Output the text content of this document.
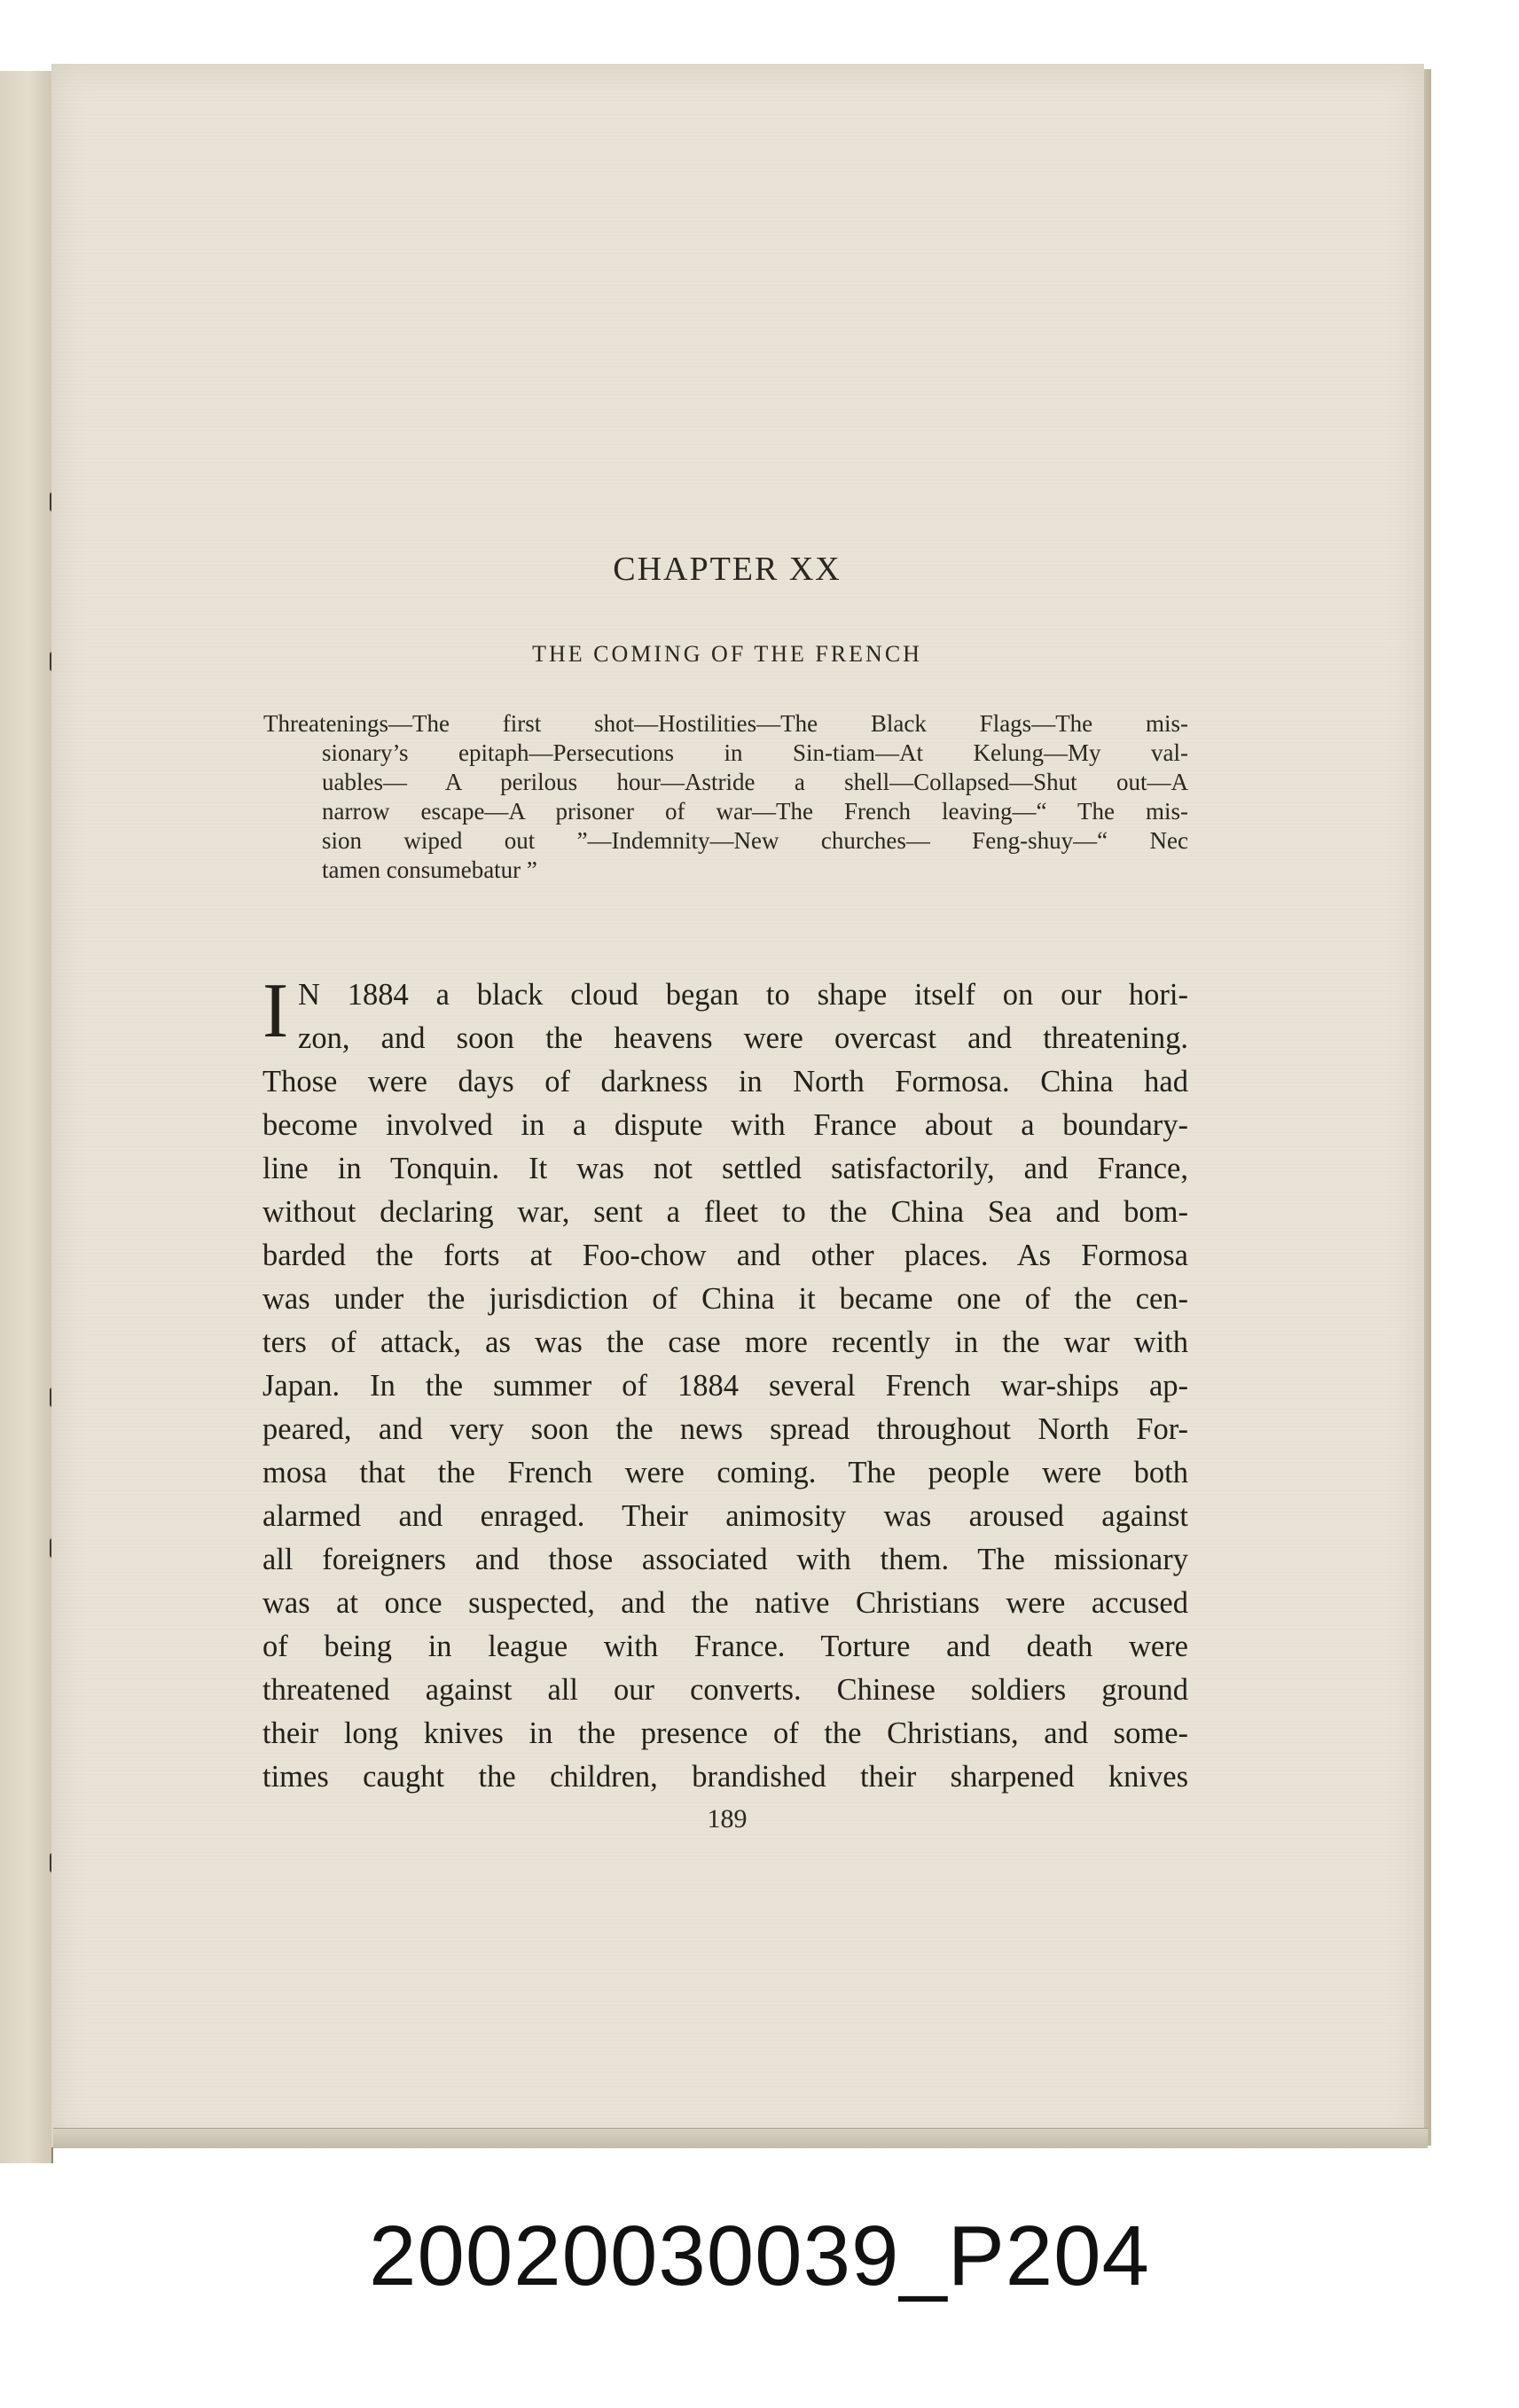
CHAPTER XX
THE COMING OF THE FRENCH
Threatenings—The first shot—Hostilities—The Black Flags—The mis-
sionary’s epitaph—Persecutions in Sin-tiam—At Kelung—My val-
uables— A perilous hour—Astride a shell—Collapsed—Shut out—A
narrow escape—A prisoner of war—The French leaving—“ The mis-
sion wiped out ”—Indemnity—New churches— Feng-shuy—“ Nec
tamen consumebatur ”
I N 1884 a black cloud began to shape itself on our hori-
zon, and soon the heavens were overcast and threatening.
Those were days of darkness in North Formosa. China had
become involved in a dispute with France about a boundary-
line in Tonquin. It was not settled satisfactorily, and France,
without declaring war, sent a fleet to the China Sea and bom-
barded the forts at Foo-chow and other places. As Formosa
was under the jurisdiction of China it became one of the cen-
ters of attack, as was the case more recently in the war with
Japan. In the summer of 1884 several French war-ships ap-
peared, and very soon the news spread throughout North For-
mosa that the French were coming. The people were both
alarmed and enraged. Their animosity was aroused against
all foreigners and those associated with them. The missionary
was at once suspected, and the native Christians were accused
of being in league with France. Torture and death were
threatened against all our converts. Chinese soldiers ground
their long knives in the presence of the Christians, and some-
times caught the children, brandished their sharpened knives
189
20020030039_P204
